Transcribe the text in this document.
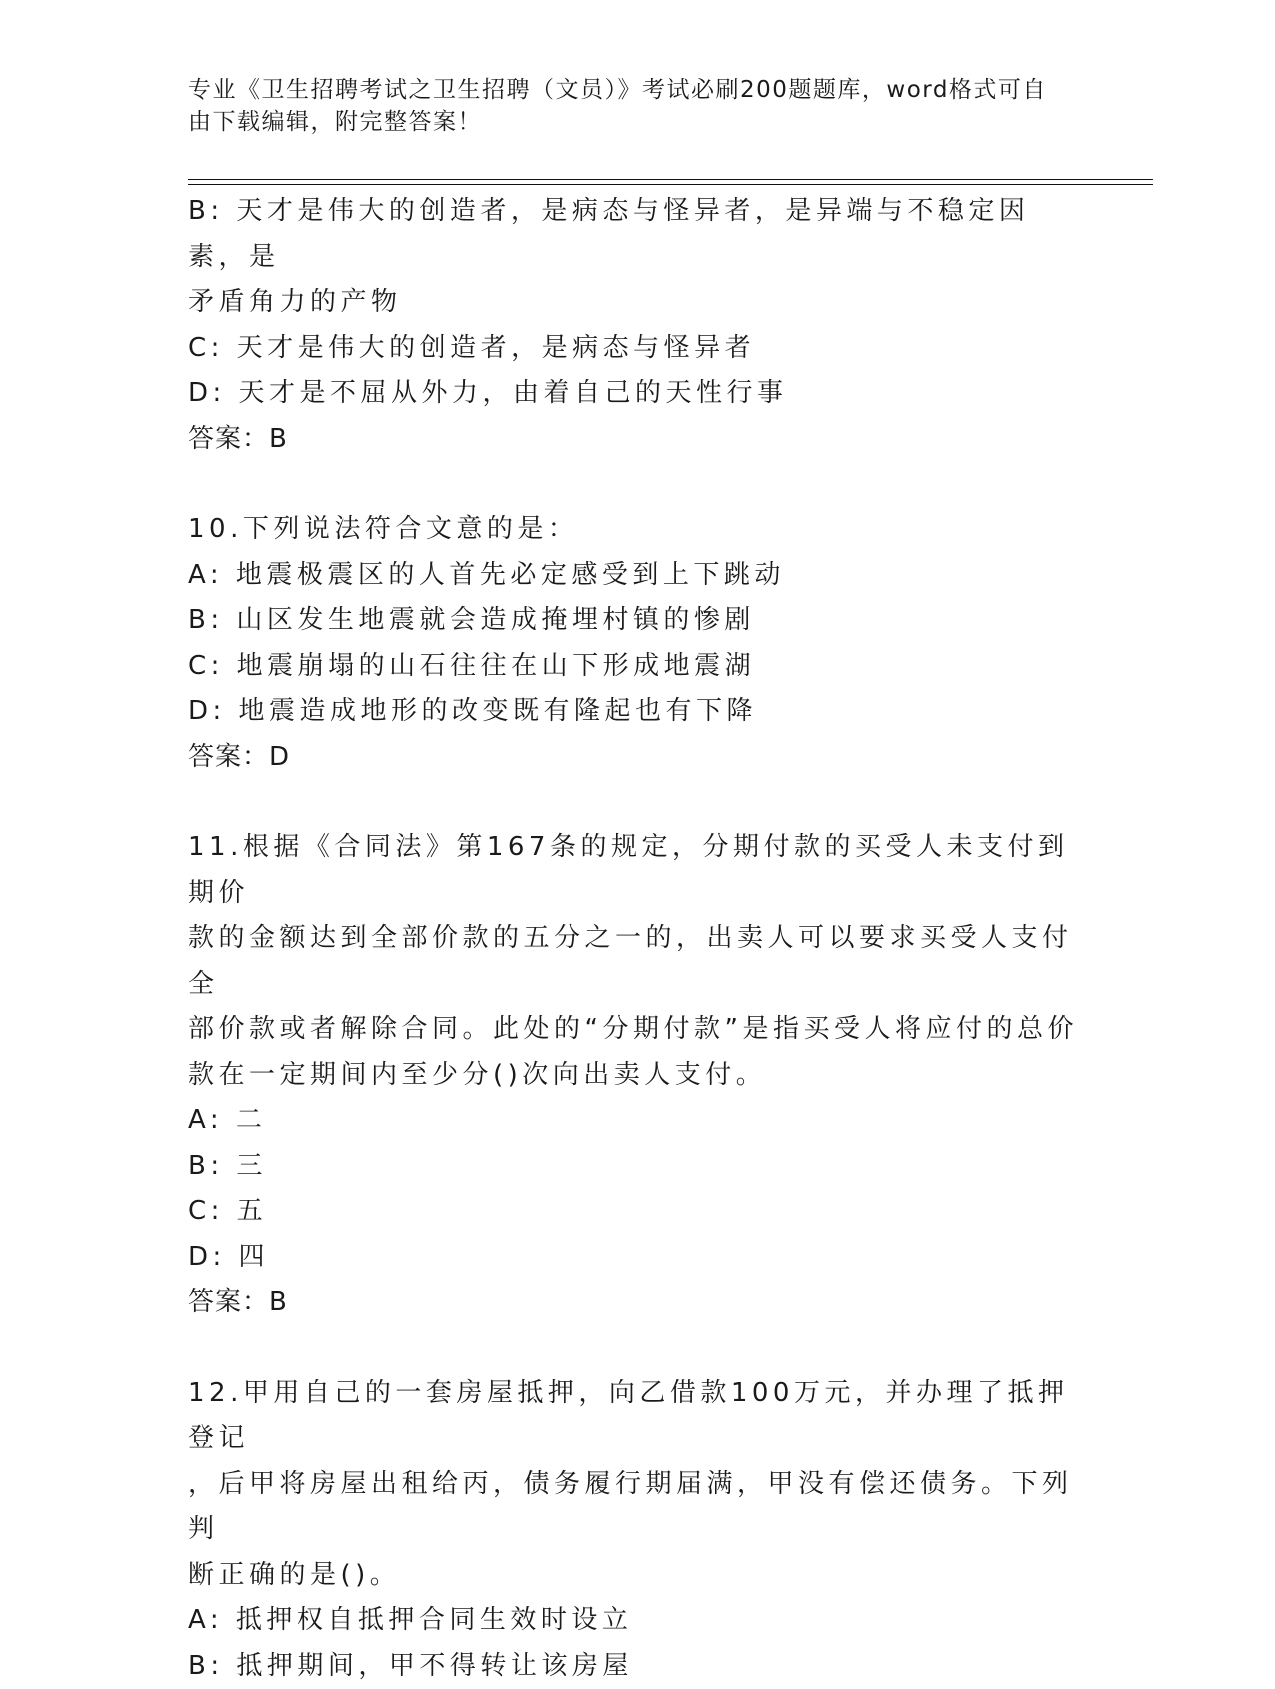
专业《卫生招聘考试之卫生招聘（文员）》考试必刷200题题库，word格式可自
由下载编辑，附完整答案！
B: 天才是伟大的创造者，是病态与怪异者，是异端与不稳定因素，是
矛盾角力的产物
C: 天才是伟大的创造者，是病态与怪异者
D: 天才是不屈从外力，由着自己的天性行事
答案：B
10.下列说法符合文意的是：
A: 地震极震区的人首先必定感受到上下跳动
B: 山区发生地震就会造成掩埋村镇的惨剧
C: 地震崩塌的山石往往在山下形成地震湖
D: 地震造成地形的改变既有隆起也有下降
答案：D
11.根据《合同法》第167条的规定，分期付款的买受人未支付到期价
款的金额达到全部价款的五分之一的，出卖人可以要求买受人支付全
部价款或者解除合同。此处的“分期付款”是指买受人将应付的总价
款在一定期间内至少分()次向出卖人支付。
A: 二
B: 三
C: 五
D: 四
答案：B
12.甲用自己的一套房屋抵押，向乙借款100万元，并办理了抵押登记
，后甲将房屋出租给丙，债务履行期届满，甲没有偿还债务。下列判
断正确的是()。
A: 抵押权自抵押合同生效时设立
B: 抵押期间，甲不得转让该房屋
